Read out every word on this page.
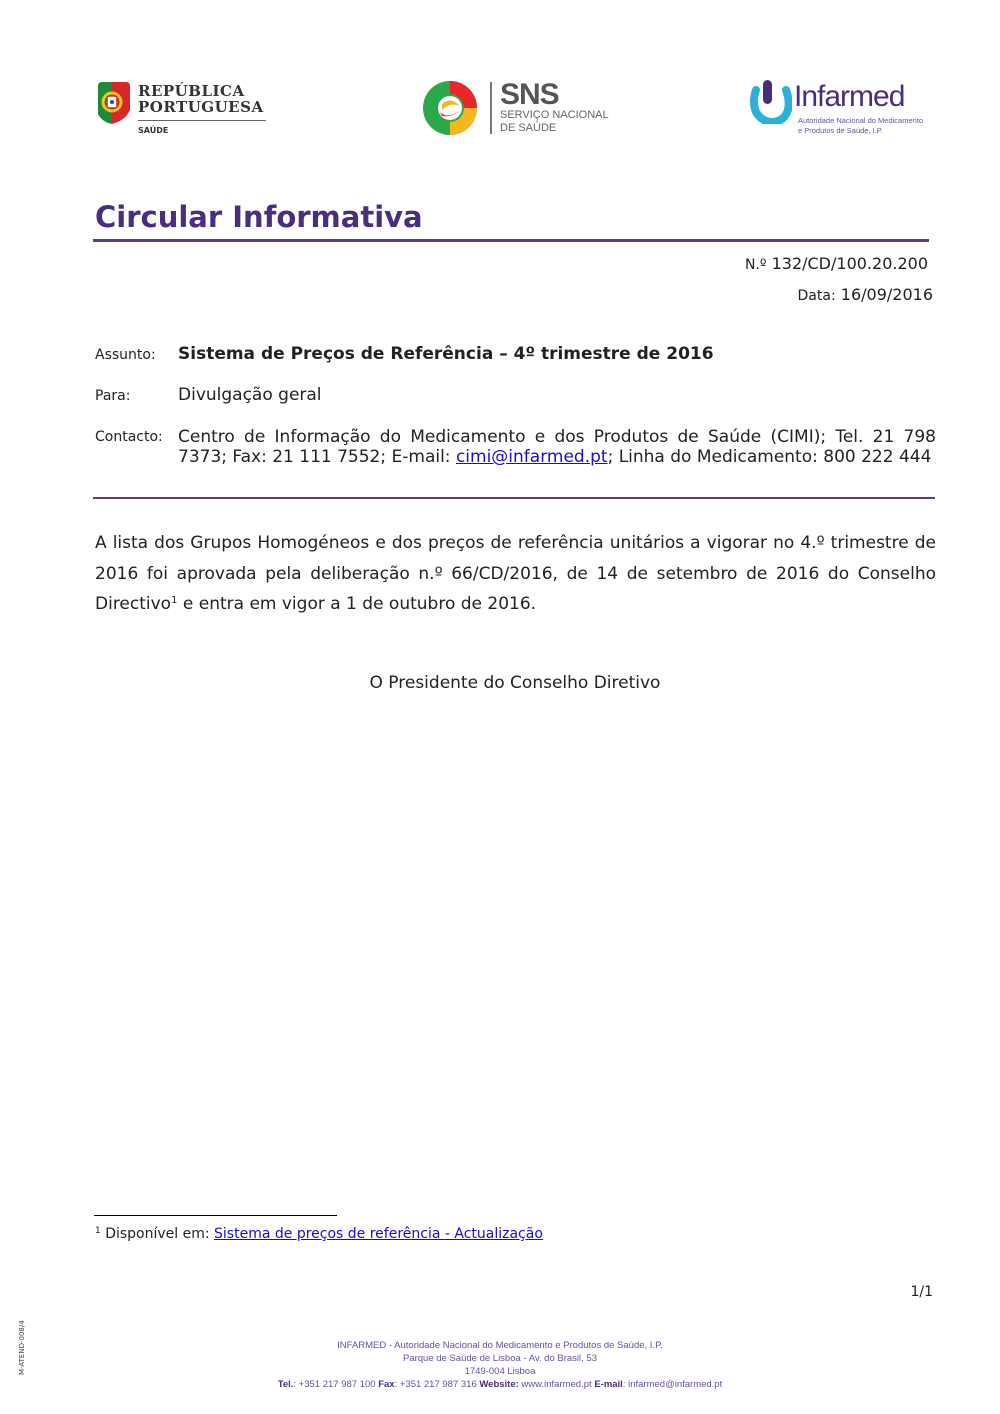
REPÚBLICA
PORTUGUESA
SAÚDE
SNS
SERVIÇO NACIONAL
DE SAÚDE
Infarmed
Autoridade Nacional do Medicamento
e Produtos de Saúde, I.P.
Circular Informativa
N.º 132/CD/100.20.200
Data: 16/09/2016
Assunto: Sistema de Preços de Referência – 4º trimestre de 2016
Para:	Divulgação geral
Contacto: Centro de Informação do Medicamento e dos Produtos de Saúde (CIMI); Tel. 21 798 7373; Fax: 21 111 7552; E-mail: cimi@infarmed.pt; Linha do Medicamento: 800 222 444
A lista dos Grupos Homogéneos e dos preços de referência unitários a vigorar no 4.º trimestre de 2016 foi aprovada pela deliberação n.º 66/CD/2016, de 14 de setembro de 2016 do Conselho Directivo$^1$ e entra em vigor a 1 de outubro de 2016.
O Presidente do Conselho Diretivo
$^1$ Disponível em: Sistema de preços de referência - Actualização
1/1
M-ATEND-008/4	INFARMED - Autoridade Nacional do Medicamento e Produtos de Saúde, I.P.
Parque de Saúde de Lisboa - Av. do Brasil, 53
1749-004 Lisboa
Tel.: +351 217 987 100 Fax: +351 217 987 316 Website: www.infarmed.pt E-mail: infarmed@infarmed.pt
